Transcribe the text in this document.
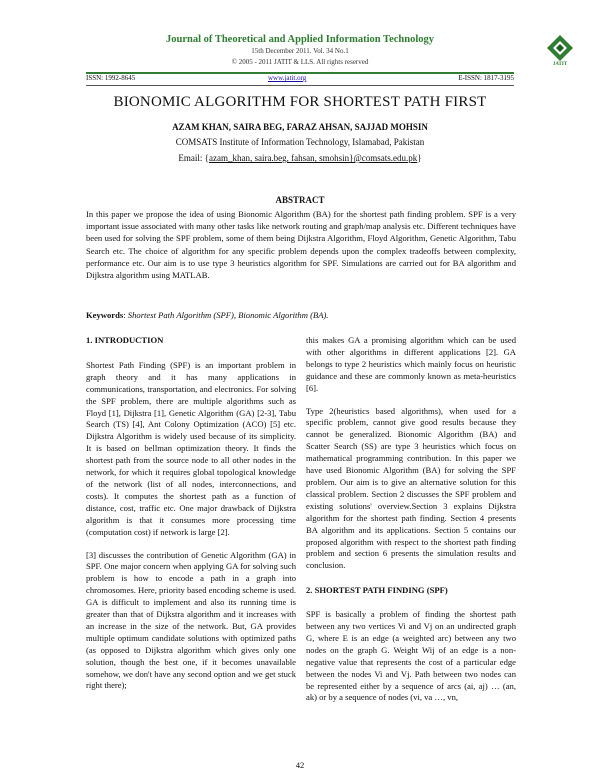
Journal of Theoretical and Applied Information Technology
15th December 2011. Vol. 34 No.1
© 2005 - 2011 JATIT & LLS. All rights reserved	JATIT
ISSN: 1992-8645	www.jatit.org	E-ISSN: 1817-3195
BIONOMIC ALGORITHM FOR SHORTEST PATH FIRST
AZAM KHAN, SAIRA BEG, FARAZ AHSAN, SAJJAD MOHSIN
COMSATS Institute of Information Technology, Islamabad, Pakistan
Email: {azam_khan, saira.beg, fahsan, smohsin}@comsats.edu.pk}
ABSTRACT
In this paper we propose the idea of using Bionomic Algorithm (BA) for the shortest path finding problem. SPF is a very important issue associated with many other tasks like network routing and graph/map analysis etc. Different techniques have been used for solving the SPF problem, some of them being Dijkstra Algorithm, Floyd Algorithm, Genetic Algorithm, Tabu Search etc. The choice of algorithm for any specific problem depends upon the complex tradeoffs between complexity, performance etc. Our aim is to use type 3 heuristics algorithm for SPF. Simulations are carried out for BA algorithm and Dijkstra algorithm using MATLAB.
Keywords: Shortest Path Algorithm (SPF), Bionomic Algorithm (BA).

1. INTRODUCTION

Shortest Path Finding (SPF) is an important problem in graph theory and it has many applications in communications, transportation, and electronics. For solving the SPF problem, there are multiple algorithms such as Floyd [1], Dijkstra [1], Genetic Algorithm (GA) [2-3], Tabu Search (TS) [4], Ant Colony Optimization (ACO) [5] etc. Dijkstra Algorithm is widely used because of its simplicity. It is based on bellman optimization theory. It finds the shortest path from the source node to all other nodes in the network, for which it requires global topological knowledge of the network (list of all nodes, interconnections, and costs). It computes the shortest path as a function of distance, cost, traffic etc. One major drawback of Dijkstra algorithm is that it consumes more processing time (computation cost) if network is large [2].

[3] discusses the contribution of Genetic Algorithm (GA) in SPF. One major concern when applying GA for solving such problem is how to encode a path in a graph into chromosomes. Here, priority based encoding scheme is used. GA is difficult to implement and also its running time is greater than that of Dijkstra algorithm and it increases with an increase in the size of the network. But, GA provides multiple optimum candidate solutions with optimized paths (as opposed to Dijkstra algorithm which gives only one solution, though the best one, if it becomes unavailable somehow, we don't have any second option and we get stuck right there);

this makes GA a promising algorithm which can be used with other algorithms in different applications [2]. GA belongs to type 2 heuristics which mainly focus on heuristic guidance and these are commonly known as meta-heuristics [6].

Type 2(heuristics based algorithms), when used for a specific problem, cannot give good results because they cannot be generalized. Bionomic Algorithm (BA) and Scatter Search (SS) are type 3 heuristics which focus on mathematical programming contribution. In this paper we have used Bionomic Algorithm (BA) for solving the SPF problem. Our aim is to give an alternative solution for this classical problem. Section 2 discusses the SPF problem and existing solutions' overview.Section 3 explains Dijkstra algorithm for the shortest path finding. Section 4 presents BA algorithm and its applications. Section 5 contains our proposed algorithm with respect to the shortest path finding problem and section 6 presents the simulation results and conclusion.

2. SHORTEST PATH FINDING (SPF)

SPF is basically a problem of finding the shortest path between any two vertices Vi and Vj on an undirected graph G, where E is an edge (a weighted arc) between any two nodes on the graph G. Weight Wij of an edge is a non-negative value that represents the cost of a particular edge between the nodes Vi and Vj. Path between two nodes can be represented either by a sequence of arcs (ai, aj) … (an, ak) or by a sequence of nodes (vi, va …, vn,

42
